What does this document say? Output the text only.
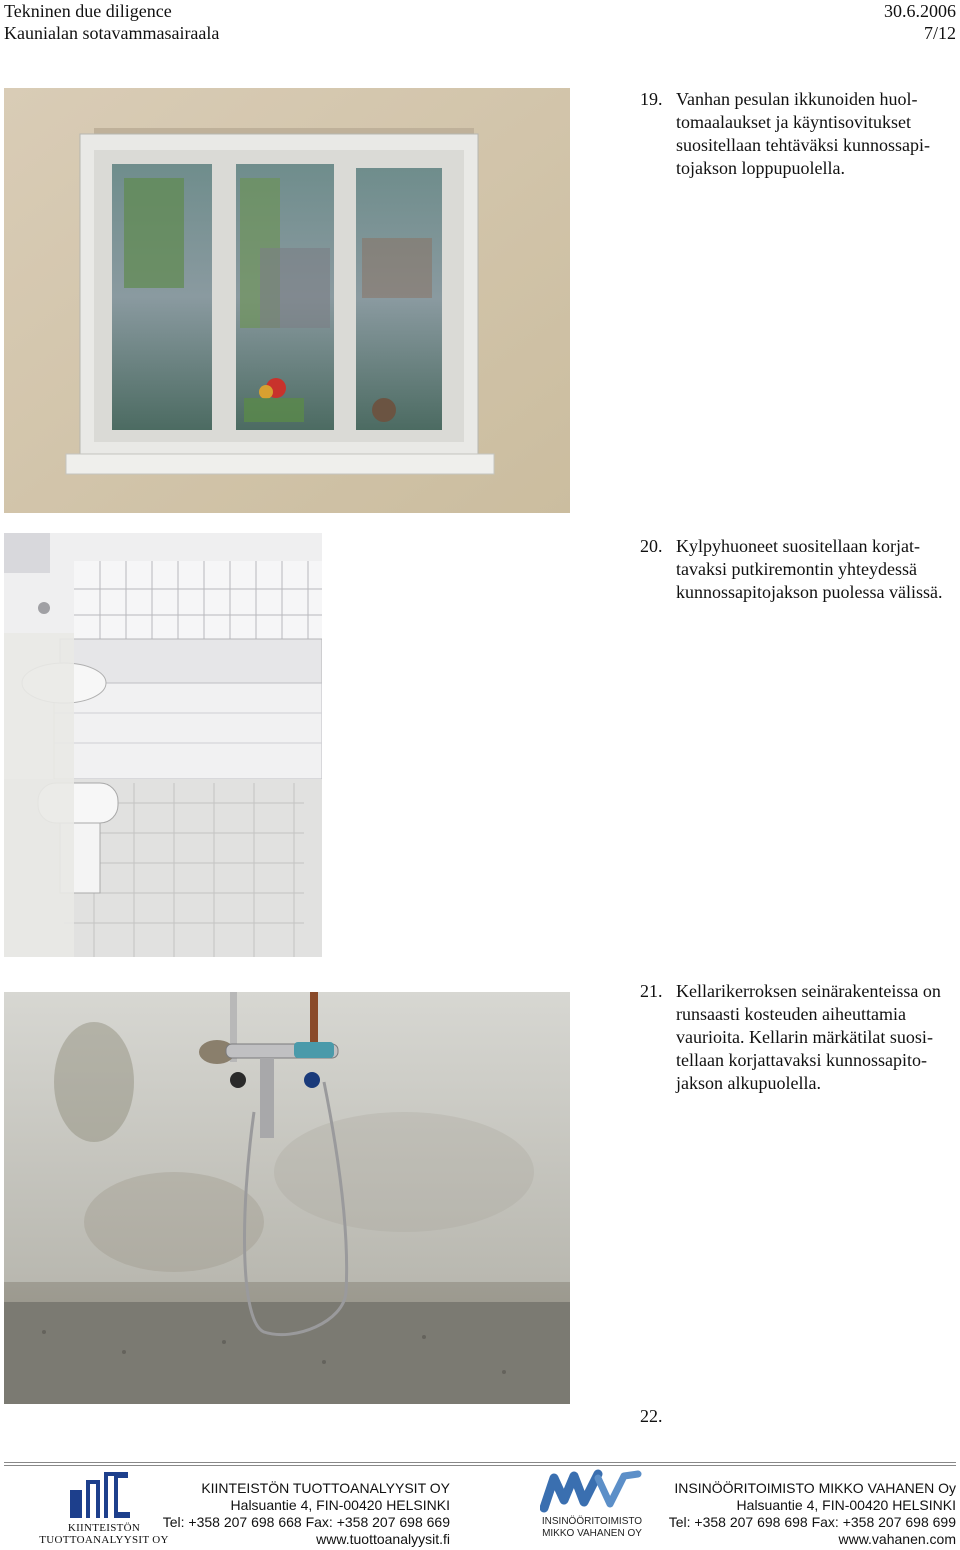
Tekninen due diligence
Kaunialan sotavammasairaala
30.6.2006
7/12
19. Vanhan pesulan ikkunoiden huoltomaalaukset ja käyntisovitukset suositellaan tehtäväksi kunnossapitojakson loppupuolella.
20. Kylpyhuoneet suositellaan korjattavaksi putkiremontin yhteydessä kunnossapitojakson puolessa välissä.
21. Kellarikerroksen seinärakenteissa on runsaasti kosteuden aiheuttamia vaurioita. Kellarin märkätilat suositellaan korjattavaksi kunnossapitojakson alkupuolella.
22.
KIINTEISTÖN
TUOTTOANALYYSIT OY
KIINTEISTÖN TUOTTOANALYYSIT OY
Halsuantie 4, FIN-00420 HELSINKI
Tel: +358 207 698 668 Fax: +358 207 698 669
www.tuottoanalyysit.fi
INSINÖÖRITOIMISTO
MIKKO VAHANEN OY
INSINÖÖRITOIMISTO MIKKO VAHANEN Oy
Halsuantie 4, FIN-00420 HELSINKI
Tel: +358 207 698 698 Fax: +358 207 698 699
www.vahanen.com
